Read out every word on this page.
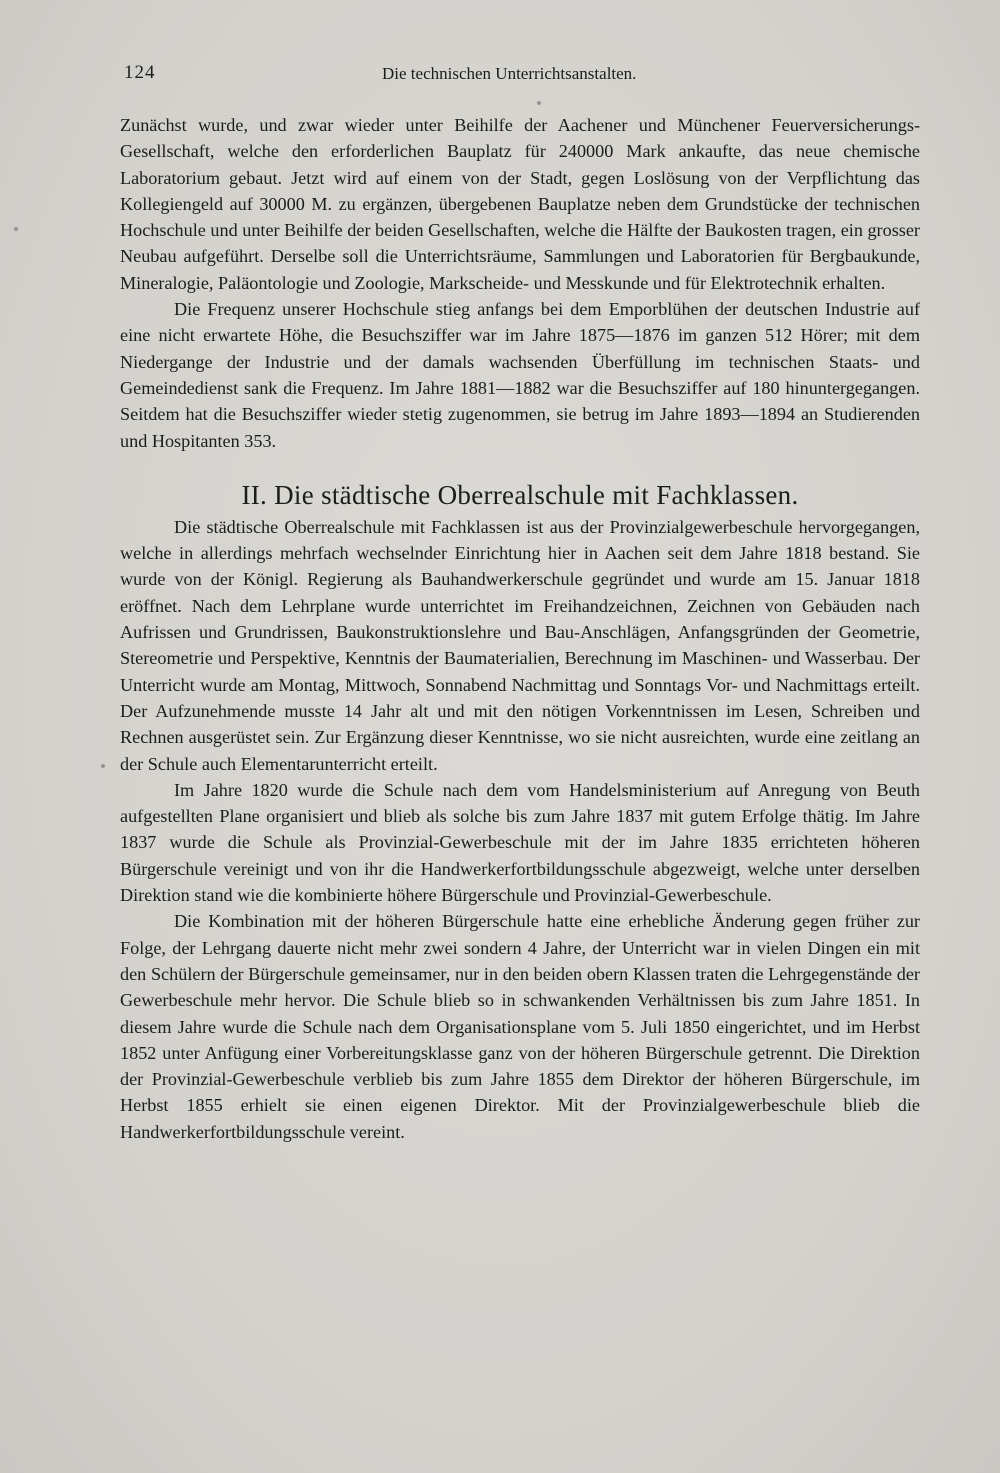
124	Die technischen Unterrichtsanstalten.

Zunächst wurde, und zwar wieder unter Beihilfe der Aachener und Münchener Feuerversicherungs-Gesellschaft, welche den erforderlichen Bauplatz für 240000 Mark ankaufte, das neue chemische Laboratorium gebaut. Jetzt wird auf einem von der Stadt, gegen Loslösung von der Verpflichtung das Kollegiengeld auf 30000 M. zu ergänzen, übergebenen Bauplatze neben dem Grundstücke der technischen Hochschule und unter Beihilfe der beiden Gesellschaften, welche die Hälfte der Baukosten tragen, ein grosser Neubau aufgeführt. Derselbe soll die Unterrichtsräume, Sammlungen und Laboratorien für Bergbaukunde, Mineralogie, Paläontologie und Zoologie, Markscheide- und Messkunde und für Elektrotechnik erhalten.

Die Frequenz unserer Hochschule stieg anfangs bei dem Emporblühen der deutschen Industrie auf eine nicht erwartete Höhe, die Besuchsziffer war im Jahre 1875—1876 im ganzen 512 Hörer; mit dem Niedergange der Industrie und der damals wachsenden Überfüllung im technischen Staats- und Gemeindedienst sank die Frequenz. Im Jahre 1881—1882 war die Besuchsziffer auf 180 hinuntergegangen. Seitdem hat die Besuchsziffer wieder stetig zugenommen, sie betrug im Jahre 1893—1894 an Studierenden und Hospitanten 353.

II. Die städtische Oberrealschule mit Fachklassen.

Die städtische Oberrealschule mit Fachklassen ist aus der Provinzialgewerbeschule hervorgegangen, welche in allerdings mehrfach wechselnder Einrichtung hier in Aachen seit dem Jahre 1818 bestand. Sie wurde von der Königl. Regierung als Bauhandwerkerschule gegründet und wurde am 15. Januar 1818 eröffnet. Nach dem Lehrplane wurde unterrichtet im Freihandzeichnen, Zeichnen von Gebäuden nach Aufrissen und Grundrissen, Baukonstruktionslehre und Bau-Anschlägen, Anfangsgründen der Geometrie, Stereometrie und Perspektive, Kenntnis der Baumaterialien, Berechnung im Maschinen- und Wasserbau. Der Unterricht wurde am Montag, Mittwoch, Sonnabend Nachmittag und Sonntags Vor- und Nachmittags erteilt. Der Aufzunehmende musste 14 Jahr alt und mit den nötigen Vorkenntnissen im Lesen, Schreiben und Rechnen ausgerüstet sein. Zur Ergänzung dieser Kenntnisse, wo sie nicht ausreichten, wurde eine zeitlang an der Schule auch Elementarunterricht erteilt.

Im Jahre 1820 wurde die Schule nach dem vom Handelsministerium auf Anregung von Beuth aufgestellten Plane organisiert und blieb als solche bis zum Jahre 1837 mit gutem Erfolge thätig. Im Jahre 1837 wurde die Schule als Provinzial-Gewerbeschule mit der im Jahre 1835 errichteten höheren Bürgerschule vereinigt und von ihr die Handwerkerfortbildungsschule abgezweigt, welche unter derselben Direktion stand wie die kombinierte höhere Bürgerschule und Provinzial-Gewerbeschule.

Die Kombination mit der höheren Bürgerschule hatte eine erhebliche Änderung gegen früher zur Folge, der Lehrgang dauerte nicht mehr zwei sondern 4 Jahre, der Unterricht war in vielen Dingen ein mit den Schülern der Bürgerschule gemeinsamer, nur in den beiden obern Klassen traten die Lehrgegenstände der Gewerbeschule mehr hervor. Die Schule blieb so in schwankenden Verhältnissen bis zum Jahre 1851. In diesem Jahre wurde die Schule nach dem Organisationsplane vom 5. Juli 1850 eingerichtet, und im Herbst 1852 unter Anfügung einer Vorbereitungsklasse ganz von der höheren Bürgerschule getrennt. Die Direktion der Provinzial-Gewerbeschule verblieb bis zum Jahre 1855 dem Direktor der höheren Bürgerschule, im Herbst 1855 erhielt sie einen eigenen Direktor. Mit der Provinzialgewerbeschule blieb die Handwerkerfortbildungsschule vereint.
